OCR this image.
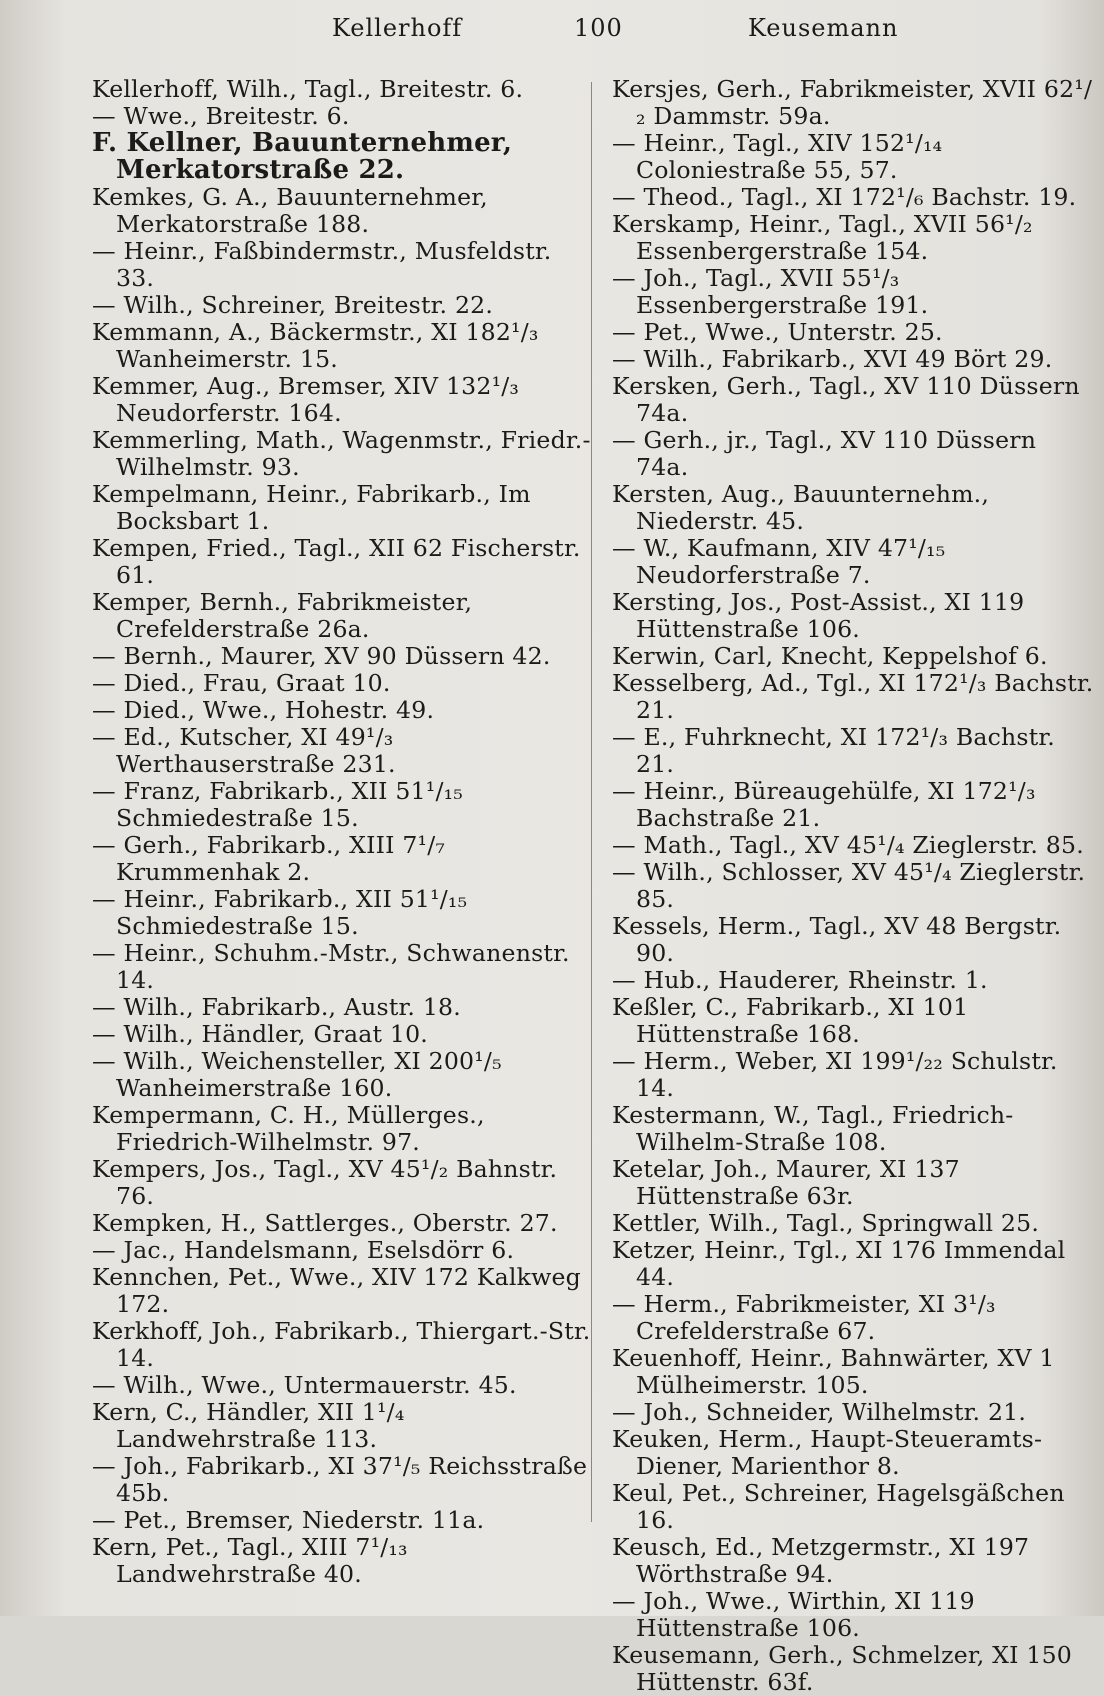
Kellerhoff	100	Keusemann
Kellerhoff, Wilh., Tagl., Breitestr. 6.
— Wwe., Breitestr. 6.
F. Kellner, Bauunternehmer, Merkatorstraße 22.
Kemkes, G. A., Bauunternehmer, Merkatorstraße 188.
— Heinr., Faßbindermstr., Musfeldstr. 33.
— Wilh., Schreiner, Breitestr. 22.
Kemmann, A., Bäckermstr., XI 182¹/₃ Wanheimerstr. 15.
Kemmer, Aug., Bremser, XIV 132¹/₃ Neudorferstr. 164.
Kemmerling, Math., Wagenmstr., Friedr.-Wilhelmstr. 93.
Kempelmann, Heinr., Fabrikarb., Im Bocksbart 1.
Kempen, Fried., Tagl., XII 62 Fischerstr. 61.
Kemper, Bernh., Fabrikmeister, Crefelderstraße 26a.
— Bernh., Maurer, XV 90 Düssern 42.
— Died., Frau, Graat 10.
— Died., Wwe., Hohestr. 49.
— Ed., Kutscher, XI 49¹/₃ Werthauserstraße 231.
— Franz, Fabrikarb., XII 51¹/₁₅ Schmiedestraße 15.
— Gerh., Fabrikarb., XIII 7¹/₇ Krummenhak 2.
— Heinr., Fabrikarb., XII 51¹/₁₅ Schmiedestraße 15.
— Heinr., Schuhm.-Mstr., Schwanenstr. 14.
— Wilh., Fabrikarb., Austr. 18.
— Wilh., Händler, Graat 10.
— Wilh., Weichensteller, XI 200¹/₅ Wanheimerstraße 160.
Kempermann, C. H., Müllerges., Friedrich-Wilhelmstr. 97.
Kempers, Jos., Tagl., XV 45¹/₂ Bahnstr. 76.
Kempken, H., Sattlerges., Oberstr. 27.
— Jac., Handelsmann, Eselsdörr 6.
Kennchen, Pet., Wwe., XIV 172 Kalkweg 172.
Kerkhoff, Joh., Fabrikarb., Thiergart.-Str. 14.
— Wilh., Wwe., Untermauerstr. 45.
Kern, C., Händler, XII 1¹/₄ Landwehrstraße 113.
— Joh., Fabrikarb., XI 37¹/₅ Reichsstraße 45b.
— Pet., Bremser, Niederstr. 11a.
Kern, Pet., Tagl., XIII 7¹/₁₃ Landwehrstraße 40.
Kersjes, Gerh., Fabrikmeister, XVII 62¹/₂ Dammstr. 59a.
— Heinr., Tagl., XIV 152¹/₁₄ Coloniestraße 55, 57.
— Theod., Tagl., XI 172¹/₆ Bachstr. 19.
Kerskamp, Heinr., Tagl., XVII 56¹/₂ Essenbergerstraße 154.
— Joh., Tagl., XVII 55¹/₃ Essenbergerstraße 191.
— Pet., Wwe., Unterstr. 25.
— Wilh., Fabrikarb., XVI 49 Bört 29.
Kersken, Gerh., Tagl., XV 110 Düssern 74a.
— Gerh., jr., Tagl., XV 110 Düssern 74a.
Kersten, Aug., Bauunternehm., Niederstr. 45.
— W., Kaufmann, XIV 47¹/₁₅ Neudorferstraße 7.
Kersting, Jos., Post-Assist., XI 119 Hüttenstraße 106.
Kerwin, Carl, Knecht, Keppelshof 6.
Kesselberg, Ad., Tgl., XI 172¹/₃ Bachstr. 21.
— E., Fuhrknecht, XI 172¹/₃ Bachstr. 21.
— Heinr., Büreaugehülfe, XI 172¹/₃ Bachstraße 21.
— Math., Tagl., XV 45¹/₄ Zieglerstr. 85.
— Wilh., Schlosser, XV 45¹/₄ Zieglerstr. 85.
Kessels, Herm., Tagl., XV 48 Bergstr. 90.
— Hub., Hauderer, Rheinstr. 1.
Keßler, C., Fabrikarb., XI 101 Hüttenstraße 168.
— Herm., Weber, XI 199¹/₂₂ Schulstr. 14.
Kestermann, W., Tagl., Friedrich-Wilhelm-Straße 108.
Ketelar, Joh., Maurer, XI 137 Hüttenstraße 63r.
Kettler, Wilh., Tagl., Springwall 25.
Ketzer, Heinr., Tgl., XI 176 Immendal 44.
— Herm., Fabrikmeister, XI 3¹/₃ Crefelderstraße 67.
Keuenhoff, Heinr., Bahnwärter, XV 1 Mülheimerstr. 105.
— Joh., Schneider, Wilhelmstr. 21.
Keuken, Herm., Haupt-Steueramts-Diener, Marienthor 8.
Keul, Pet., Schreiner, Hagelsgäßchen 16.
Keusch, Ed., Metzgermstr., XI 197 Wörthstraße 94.
— Joh., Wwe., Wirthin, XI 119 Hüttenstraße 106.
Keusemann, Gerh., Schmelzer, XI 150 Hüttenstr. 63f.
